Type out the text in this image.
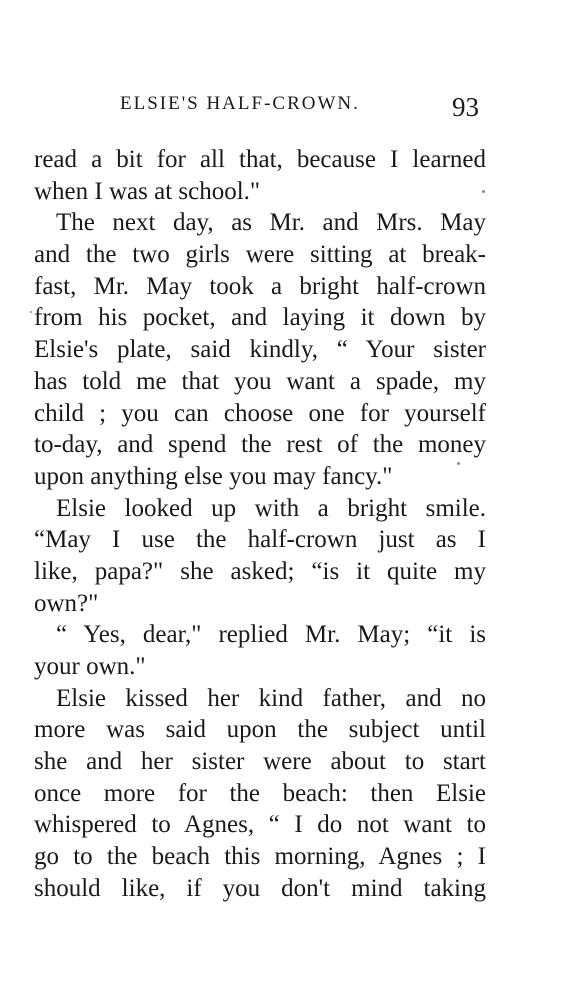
ELSIE'S HALF-CROWN.	93
read a bit for all that, because I learned
when I was at school."
The next day, as Mr. and Mrs. May
and the two girls were sitting at break-
fast, Mr. May took a bright half-crown
from his pocket, and laying it down by
Elsie's plate, said kindly, “ Your sister
has told me that you want a spade, my
child ; you can choose one for yourself
to-day, and spend the rest of the money
upon anything else you may fancy."
Elsie looked up with a bright smile.
“May I use the half-crown just as I
like, papa?" she asked; “is it quite my
own?"
“ Yes, dear," replied Mr. May; “it is
your own."
Elsie kissed her kind father, and no
more was said upon the subject until
she and her sister were about to start
once more for the beach: then Elsie
whispered to Agnes, “ I do not want to
go to the beach this morning, Agnes ; I
should like, if you don't mind taking
